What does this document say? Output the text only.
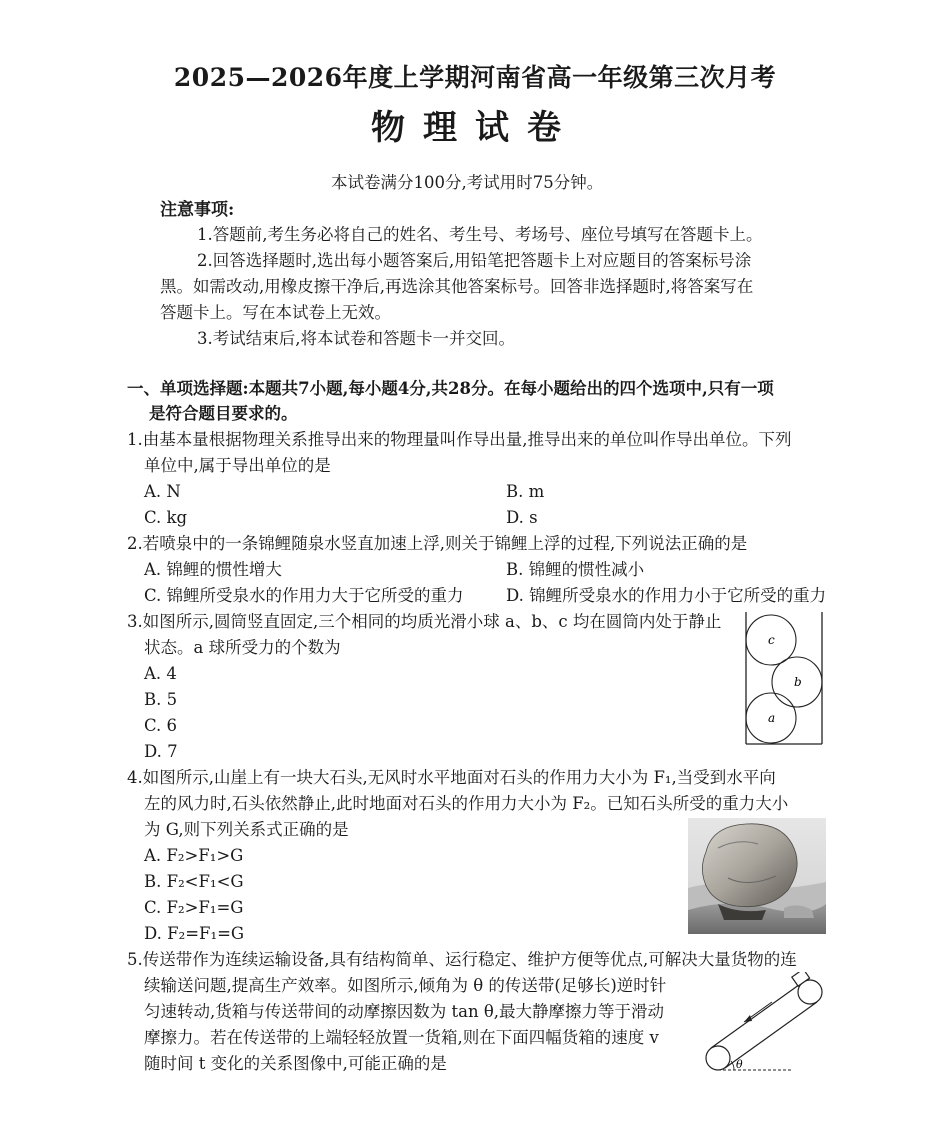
2025—2026年度上学期河南省高一年级第三次月考
物理试卷
本试卷满分100分,考试用时75分钟。
注意事项:
1.答题前,考生务必将自己的姓名、考生号、考场号、座位号填写在答题卡上。
2.回答选择题时,选出每小题答案后,用铅笔把答题卡上对应题目的答案标号涂
黑。如需改动,用橡皮擦干净后,再选涂其他答案标号。回答非选择题时,将答案写在
答题卡上。写在本试卷上无效。
3.考试结束后,将本试卷和答题卡一并交回。
一、单项选择题:本题共7小题,每小题4分,共28分。在每小题给出的四个选项中,只有一项
是符合题目要求的。
1.由基本量根据物理关系推导出来的物理量叫作导出量,推导出来的单位叫作导出单位。下列
单位中,属于导出单位的是
A. N	B. m
C. kg	D. s
2.若喷泉中的一条锦鲤随泉水竖直加速上浮,则关于锦鲤上浮的过程,下列说法正确的是
A. 锦鲤的惯性增大	B. 锦鲤的惯性减小
C. 锦鲤所受泉水的作用力大于它所受的重力	D. 锦鲤所受泉水的作用力小于它所受的重力
3.如图所示,圆筒竖直固定,三个相同的均质光滑小球 a、b、c 均在圆筒内处于静止
状态。a 球所受力的个数为
A. 4
B. 5
C. 6
D. 7
c
b
a
4.如图所示,山崖上有一块大石头,无风时水平地面对石头的作用力大小为 F₁,当受到水平向
左的风力时,石头依然静止,此时地面对石头的作用力大小为 F₂。已知石头所受的重力大小
为 G,则下列关系式正确的是
A. F₂>F₁>G
B. F₂<F₁<G
C. F₂>F₁=G
D. F₂=F₁=G
5.传送带作为连续运输设备,具有结构简单、运行稳定、维护方便等优点,可解决大量货物的连
续输送问题,提高生产效率。如图所示,倾角为 θ 的传送带(足够长)逆时针
匀速转动,货箱与传送带间的动摩擦因数为 tan θ,最大静摩擦力等于滑动
摩擦力。若在传送带的上端轻轻放置一货箱,则在下面四幅货箱的速度 v
随时间 t 变化的关系图像中,可能正确的是	θ
